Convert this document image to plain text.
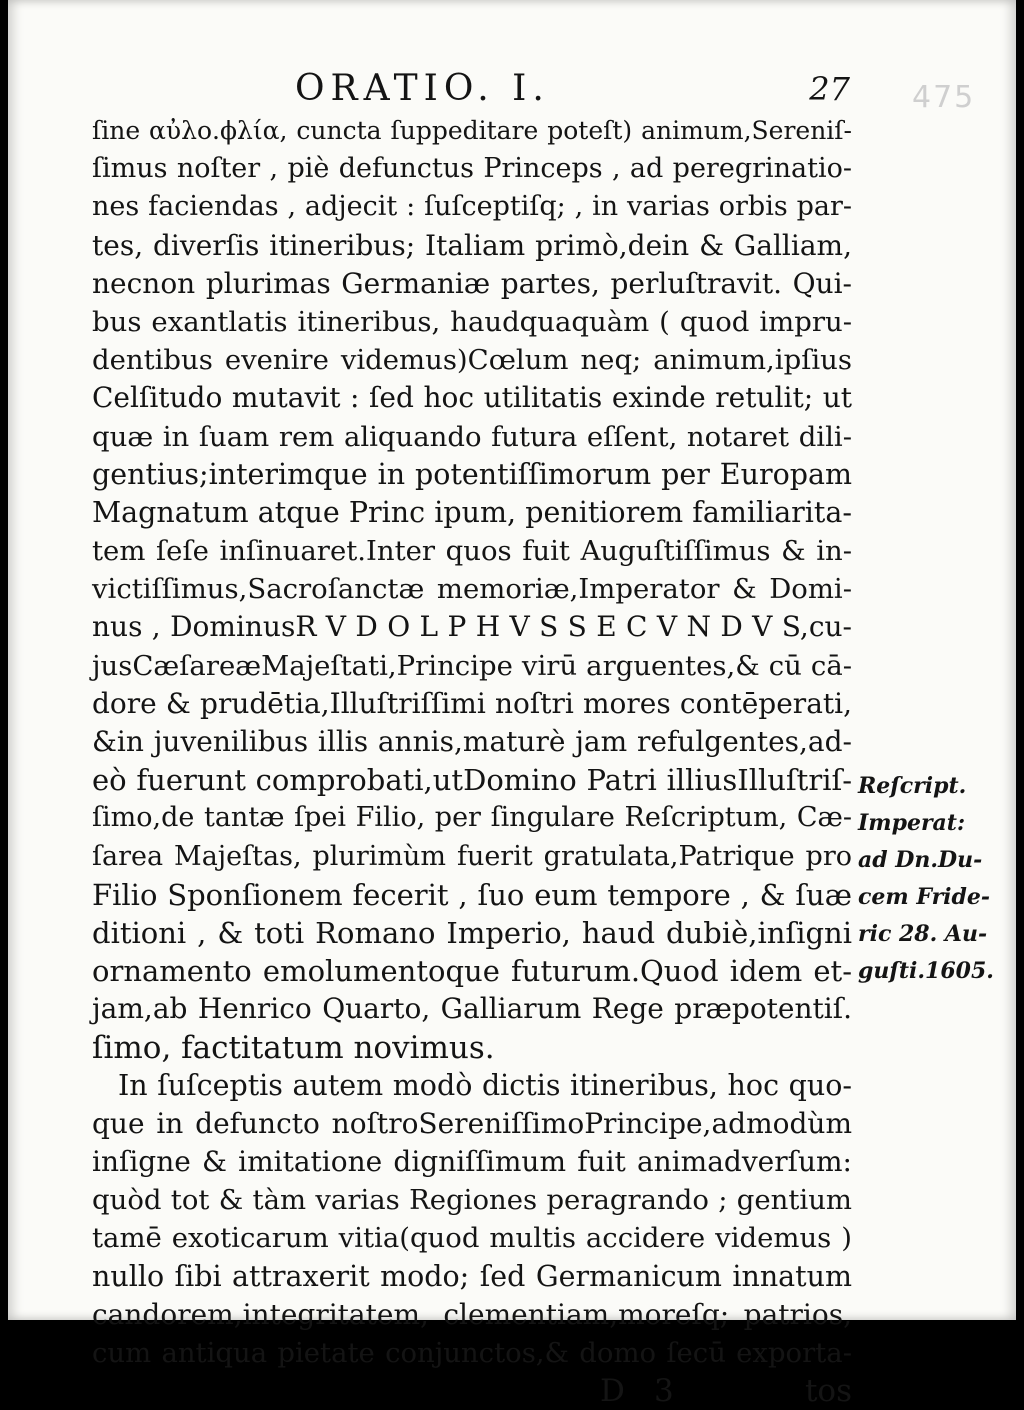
ORATIO. I.	27 475
ſine αὐλο.ϕλία, cuncta ſuppeditare poteſt) animum,Sereniſ-
ſimus noſter , piè defunctus Princeps , ad peregrinatio-
nes faciendas , adjecit : ſuſceptiſq; , in varias orbis par-
tes, diverſis itineribus; Italiam primò,dein & Galliam,
necnon plurimas Germaniæ partes, perluſtravit. Qui-
bus exantlatis itineribus, haudquaquàm ( quod impru-
dentibus evenire videmus)Cœlum neq; animum,ipſius
Celſitudo mutavit : ſed hoc utilitatis exinde retulit; ut
quæ in ſuam rem aliquando futura eſſent, notaret dili-
gentius;interimque in potentiſſimorum per Europam
Magnatum atque Princ ipum, penitiorem familiarita-
tem ſeſe inſinuaret.Inter quos fuit Auguſtiſſimus & in-
victiſſimus,Sacroſanctæ memoriæ,Imperator & Domi-
nus , DominusR V D O L P H V S S E C V N D V S,cu-
jusCæſareæMajeſtati,Principe virū arguentes,& cū cā-
dore & prudētia,Illuſtriſſimi noſtri mores contēperati,
&in juvenilibus illis annis,maturè jam refulgentes,ad-
eò fuerunt comprobati,utDomino Patri illiusIlluſtriſ-
ſimo,de tantæ ſpei Filio, per ſingulare Reſcriptum, Cæ-
ſarea Majeſtas, plurimùm fuerit gratulata,Patrique pro
Filio Sponſionem fecerit , ſuo eum tempore , & ſuæ
ditioni , & toti Romano Imperio, haud dubiè,inſigni
ornamento emolumentoque futurum.Quod idem et-
jam,ab Henrico Quarto, Galliarum Rege præpotentiſ.
ſimo, factitatum novimus.
In ſuſceptis autem modò dictis itineribus, hoc quo-
que in defuncto noſtroSereniſſimoPrincipe,admodùm
inſigne & imitatione digniſſimum fuit animadverſum:
quòd tot & tàm varias Regiones peragrando ; gentium
tamē exoticarum vitia(quod multis accidere videmus )
nullo ſibi attraxerit modo; ſed Germanicum innatum
candorem,integritatem, clementiam,moreſq; patrios,
cum antiqua pietate conjunctos,& domo ſecū exporta-
D 3	tos
Reſcript.
Imperat:
ad Dn.Du-
cem Fride-
ric 28. Au-
guſti.1605.
